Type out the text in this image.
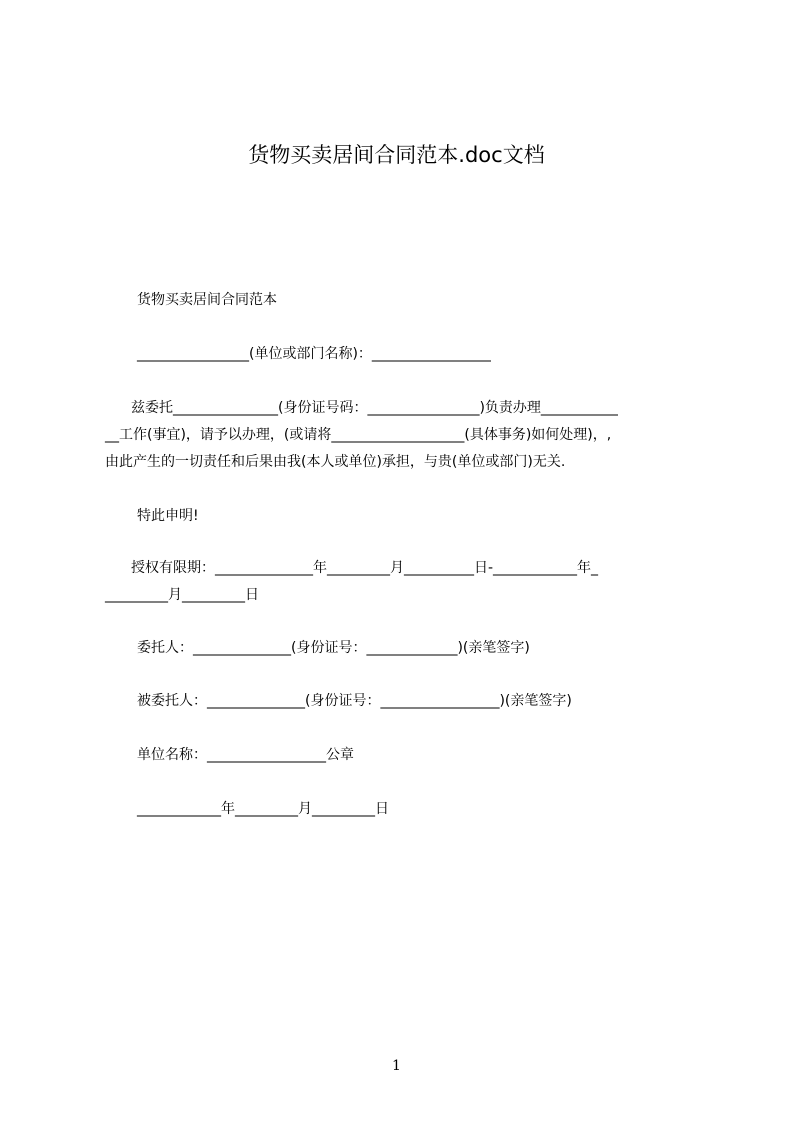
货物买卖居间合同范本.doc文档
货物买卖居间合同范本
________________(单位或部门名称)：_________________
兹委托_______________(身份证号码：________________)负责办理___________
__工作(事宜)，请予以办理，(或请将___________________(具体事务)如何处理)，,
由此产生的一切责任和后果由我(本人或单位)承担，与贵(单位或部门)无关.
特此申明!
授权有限期：______________年_________月__________日-____________年_
_________月_________日
委托人：______________(身份证号：_____________)(亲笔签字)
被委托人：______________(身份证号：_________________)(亲笔签字)
单位名称：_________________公章
____________年_________月_________日
1
